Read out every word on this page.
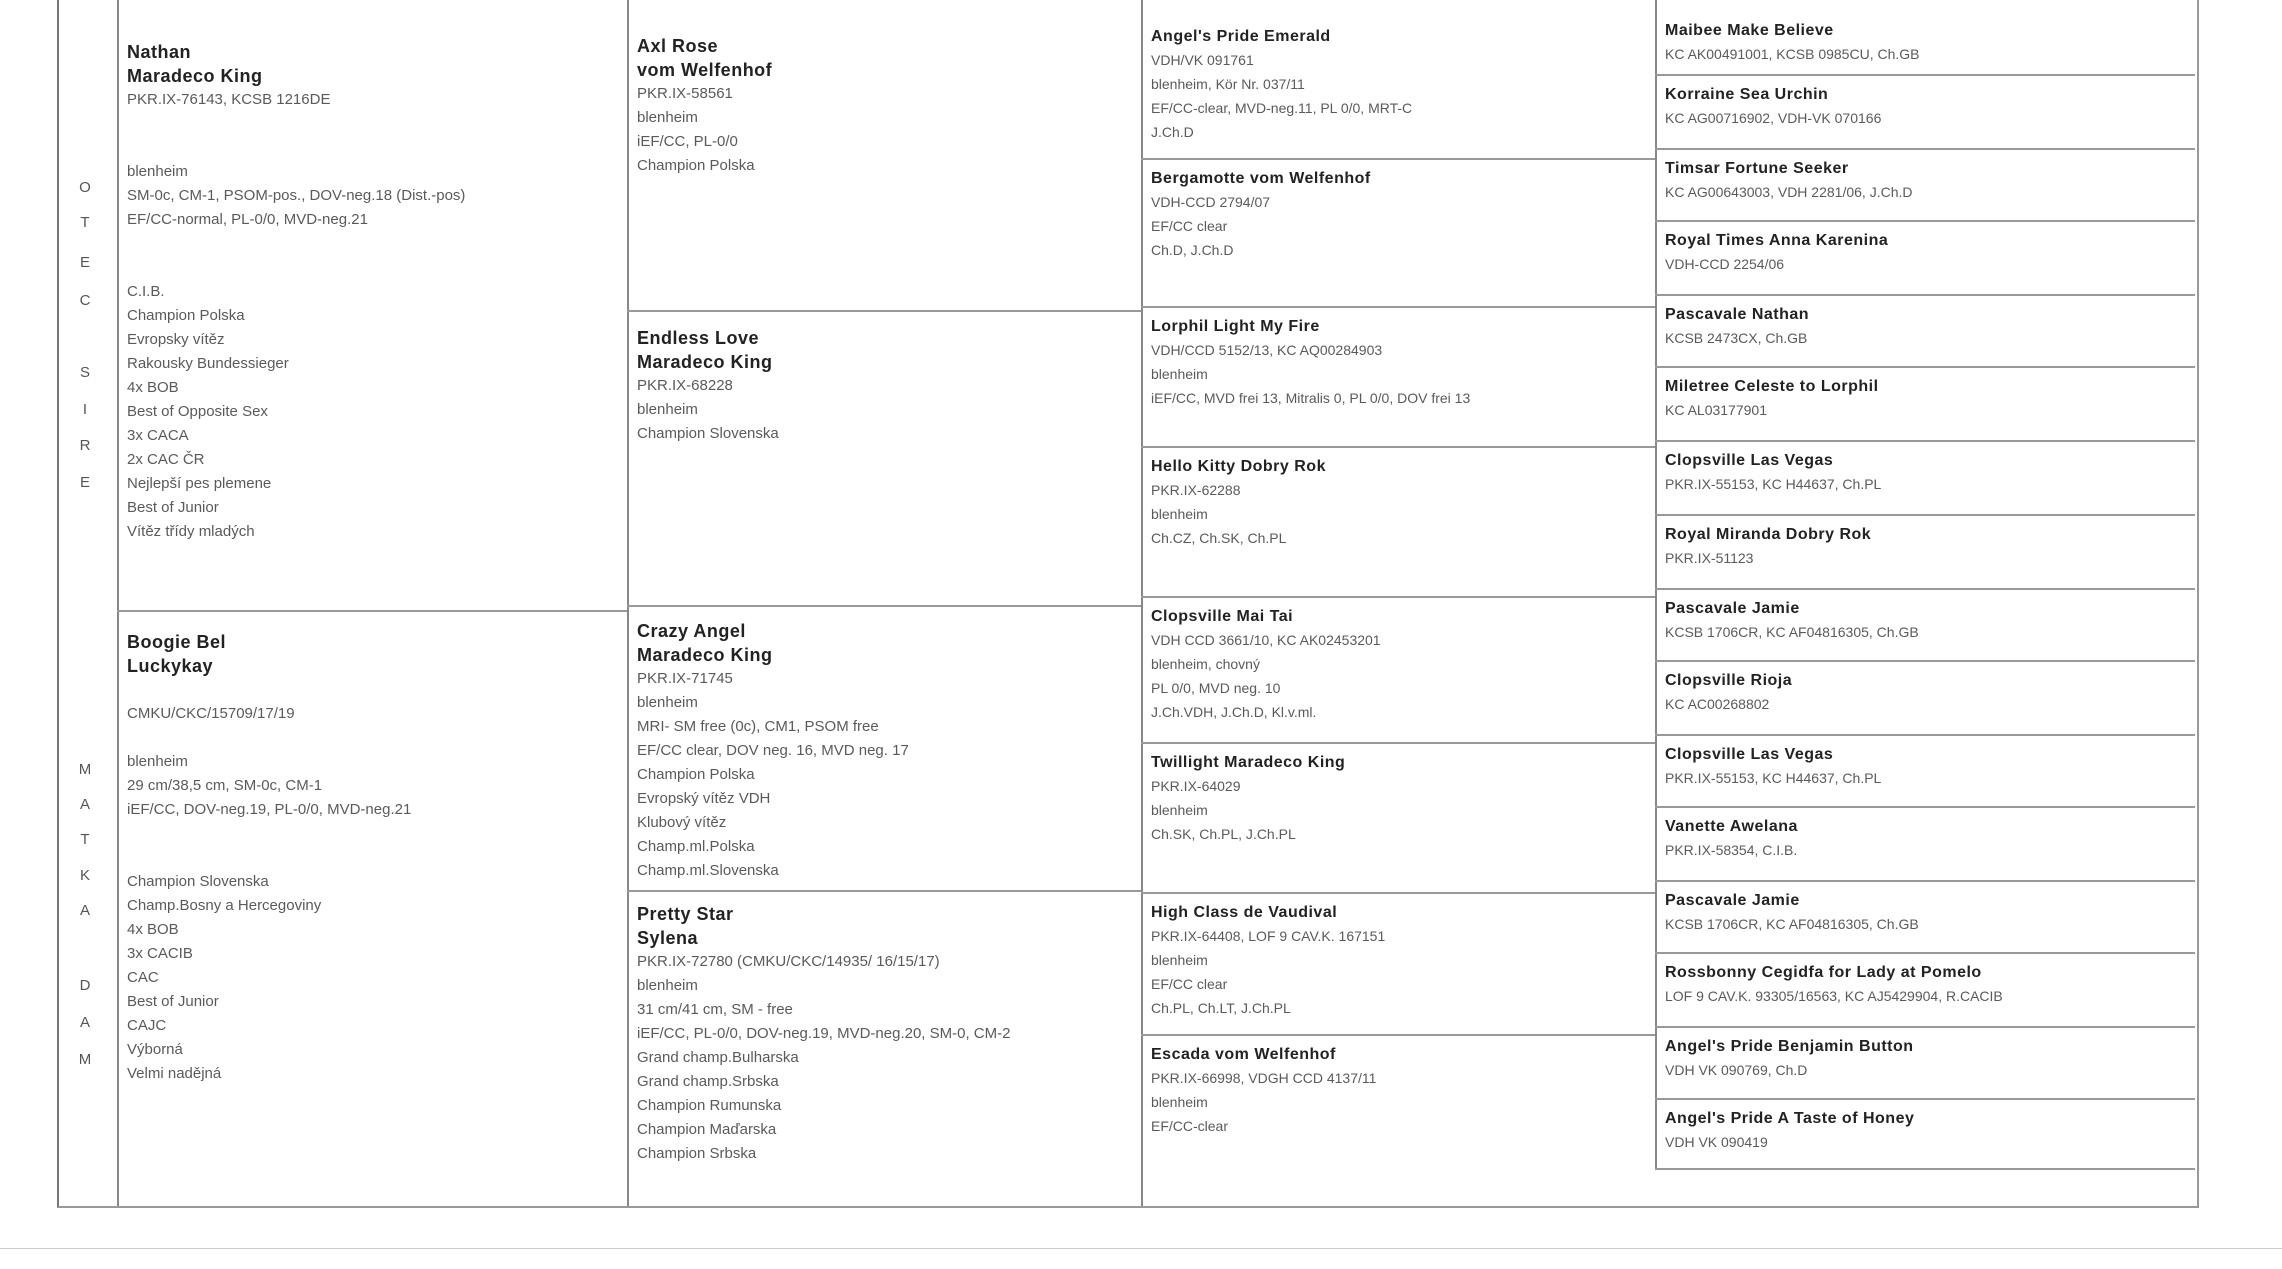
O
T
E
C
S
I
R
E
M
A
T
K
A
D
A
M
Nathan
Maradeco King
PKR.IX-76143, KCSB 1216DE
blenheim
SM-0c, CM-1, PSOM-pos., DOV-neg.18 (Dist.-pos)
EF/CC-normal, PL-0/0, MVD-neg.21
C.I.B.
Champion Polska
Evropsky vítěz
Rakousky Bundessieger
4x BOB
Best of Opposite Sex
3x CACA
2x CAC ČR
Nejlepší pes plemene
Best of Junior
Vítěz třídy mladých
Boogie Bel
Luckykay
CMKU/CKC/15709/17/19
blenheim
29 cm/38,5 cm, SM-0c, CM-1
iEF/CC, DOV-neg.19, PL-0/0, MVD-neg.21
Champion Slovenska
Champ.Bosny a Hercegoviny
4x BOB
3x CACIB
CAC
Best of Junior
CAJC
Výborná
Velmi nadějná
Axl Rose
vom Welfenhof
PKR.IX-58561
blenheim
iEF/CC, PL-0/0
Champion Polska
Endless Love
Maradeco King
PKR.IX-68228
blenheim
Champion Slovenska
Crazy Angel
Maradeco King
PKR.IX-71745
blenheim
MRI- SM free (0c), CM1, PSOM free
EF/CC clear, DOV neg. 16, MVD neg. 17
Champion Polska
Evropský vítěz VDH
Klubový vítěz
Champ.ml.Polska
Champ.ml.Slovenska
Pretty Star
Sylena
PKR.IX-72780 (CMKU/CKC/14935/ 16/15/17)
blenheim
31 cm/41 cm, SM - free
iEF/CC, PL-0/0, DOV-neg.19, MVD-neg.20, SM-0, CM-2
Grand champ.Bulharska
Grand champ.Srbska
Champion Rumunska
Champion Maďarska
Champion Srbska
Angel's Pride Emerald
VDH/VK 091761
blenheim, Kör Nr. 037/11
EF/CC-clear, MVD-neg.11, PL 0/0, MRT-C
J.Ch.D
Bergamotte vom Welfenhof
VDH-CCD 2794/07
EF/CC clear
Ch.D, J.Ch.D
Lorphil Light My Fire
VDH/CCD 5152/13, KC AQ00284903
blenheim
iEF/CC, MVD frei 13, Mitralis 0, PL 0/0, DOV frei 13
Hello Kitty Dobry Rok
PKR.IX-62288
blenheim
Ch.CZ, Ch.SK, Ch.PL
Clopsville Mai Tai
VDH CCD 3661/10, KC AK02453201
blenheim, chovný
PL 0/0, MVD neg. 10
J.Ch.VDH, J.Ch.D, Kl.v.ml.
Twillight Maradeco King
PKR.IX-64029
blenheim
Ch.SK, Ch.PL, J.Ch.PL
High Class de Vaudival
PKR.IX-64408, LOF 9 CAV.K. 167151
blenheim
EF/CC clear
Ch.PL, Ch.LT, J.Ch.PL
Escada vom Welfenhof
PKR.IX-66998, VDGH CCD 4137/11
blenheim
EF/CC-clear
Maibee Make Believe
KC AK00491001, KCSB 0985CU, Ch.GB
Korraine Sea Urchin
KC AG00716902, VDH-VK 070166
Timsar Fortune Seeker
KC AG00643003, VDH 2281/06, J.Ch.D
Royal Times Anna Karenina
VDH-CCD 2254/06
Pascavale Nathan
KCSB 2473CX, Ch.GB
Miletree Celeste to Lorphil
KC AL03177901
Clopsville Las Vegas
PKR.IX-55153, KC H44637, Ch.PL
Royal Miranda Dobry Rok
PKR.IX-51123
Pascavale Jamie
KCSB 1706CR, KC AF04816305, Ch.GB
Clopsville Rioja
KC AC00268802
Clopsville Las Vegas
PKR.IX-55153, KC H44637, Ch.PL
Vanette Awelana
PKR.IX-58354, C.I.B.
Pascavale Jamie
KCSB 1706CR, KC AF04816305, Ch.GB
Rossbonny Cegidfa for Lady at Pomelo
LOF 9 CAV.K. 93305/16563, KC AJ5429904, R.CACIB
Angel's Pride Benjamin Button
VDH VK 090769, Ch.D
Angel's Pride A Taste of Honey
VDH VK 090419
